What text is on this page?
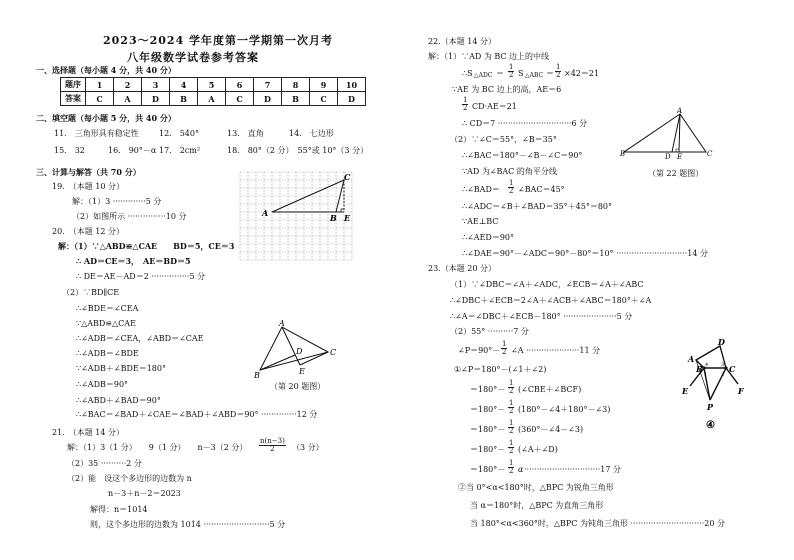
2023～2024 学年度第一学期第一次月考
八年级数学试卷参考答案
一、选择题（每小题 4 分，共 40 分）
题序	1	2	3	4	5	6	7	8	9	10
答案	C	A	D	B	A	C	D	B	C	D
二、填空题（每小题 5 分，共 40 分）
11.　三角形具有稳定性	12.　540°	13.　直角	14.　七边形
15.　32	16.　90°－α 17.　2cm²	18.　80°（2 分）　55°或 10°（3 分）
三、计算与解答（共 70 分）
19.　（本题 10 分）
解：（1）3 ·············5 分
（2）如图所示 ···············10 分	A	B
C
E
20.　（本题 12 分）
解：（1）∵△ABD≌△CAE　　BD＝5，CE＝3
∴ AD＝CE＝3，　AE＝BD＝5
∴ DE＝AE－AD＝2 ···············5 分
（2）∵BD∥CE
∴∠BDE＝∠CEA
∵△ABD≌△CAE
∴∠ADB＝∠CEA，∠ABD＝∠CAE
∴∠ADB＝∠BDE
∵∠ADB＋∠BDE＝180°
∴∠ADB＝90°
∴∠ABD＋∠BAD＝90°
∴∠BAC＝∠BAD＋∠CAE＝∠BAD＋∠ABD＝90° ··············12 分
A
B
C
D
E
（第 20 题图）
21.　（本题 14 分）
解：（1）3（1 分）　　9（1 分）　　n－3（2 分） $\frac{n(n-3)}{2} (3$ 分）
（2）35 ··········2 分
（2）能　设这个多边形的边数为 n
n－3＋n－2＝2023
解得：n＝1014
则，这个多边形的边数为 1014 ··························5 分
22.（本题 14 分）
解：（1）∵AD 为 BC 边上的中线
∴S △ADC ＝ $\frac{1}{2}$ S △ABC ＝ $\frac{1}{2} \times 42=21$
∵AE 为 BC 边上的高，AE＝6
$\frac{1}{2} CD\cdot AE=21$
∴ CD＝7 ·····························6 分
（2）∵∠C＝55°，∠B＝35°
∴∠BAC＝180°－∠B－∠C＝90°
∵AD 为∠BAC 的角平分线
∴∠BAD＝ $\frac{1}{2}$ ∠BAC＝45°
∴∠ADC＝∠B＋∠BAD＝35°＋45°＝80°
∵AE⊥BC
∴∠AED＝90°
∴∠DAE＝90°－∠ADC＝90°－80°＝10° ····························14 分
A
B	C
D E
（第 22 题图）
23.（本题 20 分）
（1）∵∠DBC＝∠A＋∠ADC，∠ECB＝∠A＋∠ABC
∴∠DBC＋∠ECB＝2∠A＋∠ACB＋∠ABC＝180°＋∠A
∴∠A＝∠DBC＋∠ECB－180° ·····················5 分
（2）55° ··········7 分
∠P＝90°－ $\frac{1}{2}$ ∠A ·····················11 分
①∠P＝180°－(∠1＋∠2)
$=180^\circ- \frac{1}{2}$ (∠CBE＋∠BCF)
$=180^\circ- \frac{1}{2}$ (180°－∠4＋180°－∠3)
$=180^\circ- \frac{1}{2}$ (360°－∠4－∠3)
$=180^\circ- \frac{1}{2}$ (∠A＋∠D)
$=180^\circ- \frac{1}{2}$ α ······························17 分
②当 0°<α<180°时，△BPC 为锐角三角形
当 α＝180°时，△BPC 为直角三角形
当 180°<α<360°时，△BPC 为钝角三角形 ·····························20 分
A
B	C
D
E	F
P
1	2
3
4
④
